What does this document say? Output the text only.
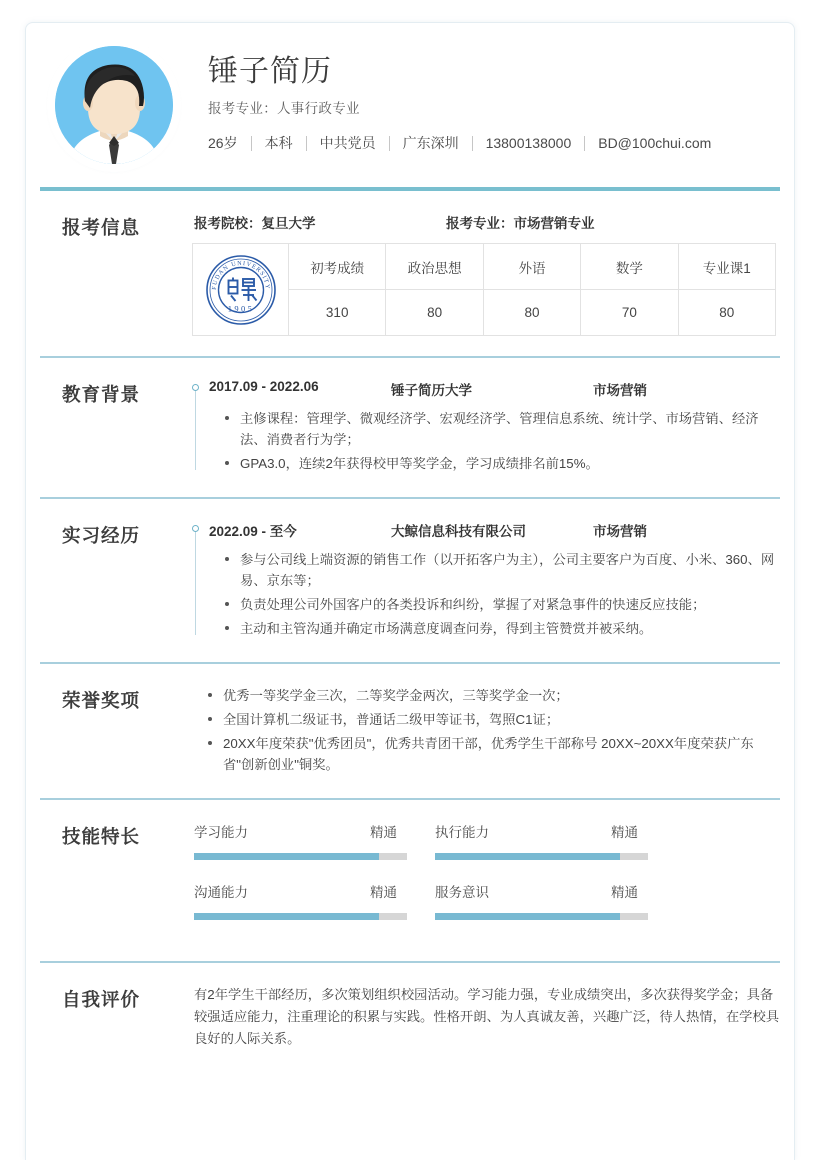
锤子简历
报考专业：人事行政专业
26岁 本科 中共党员 广东深圳 13800138000 BD@100chui.com
报考信息	报考院校：复旦大学	报考专业：市场营销专业
FUDAN UNIVERSITY
1905	初考成绩	政治思想	外语	数学	专业课1
	310	80	80	70	80
教育背景	2017.09 - 2022.06	锤子简历大学	市场营销
主修课程：管理学、微观经济学、宏观经济学、管理信息系统、统计学、市场营销、经济法、消费者行为学；
GPA3.0，连续2年获得校甲等奖学金，学习成绩排名前15%。
实习经历	2022.09 - 至今	大鲸信息科技有限公司	市场营销
参与公司线上端资源的销售工作（以开拓客户为主），公司主要客户为百度、小米、360、网易、京东等；
负责处理公司外国客户的各类投诉和纠纷，掌握了对紧急事件的快速反应技能；
主动和主管沟通并确定市场满意度调查问券，得到主管赞赏并被采纳。
荣誉奖项	优秀一等奖学金三次，二等奖学金两次，三等奖学金一次；
全国计算机二级证书，普通话二级甲等证书，驾照C1证；
20XX年度荣获"优秀团员"，优秀共青团干部，优秀学生干部称号 20XX~20XX年度荣获广东省"创新创业"铜奖。
技能特长	学习能力	精通	执行能力	精通
沟通能力	精通	服务意识	精通
自我评价	有2年学生干部经历，多次策划组织校园活动。学习能力强，专业成绩突出，多次获得奖学金；具备较强适应能力，注重理论的积累与实践。性格开朗、为人真诚友善，兴趣广泛，待人热情，在学校具良好的人际关系。
